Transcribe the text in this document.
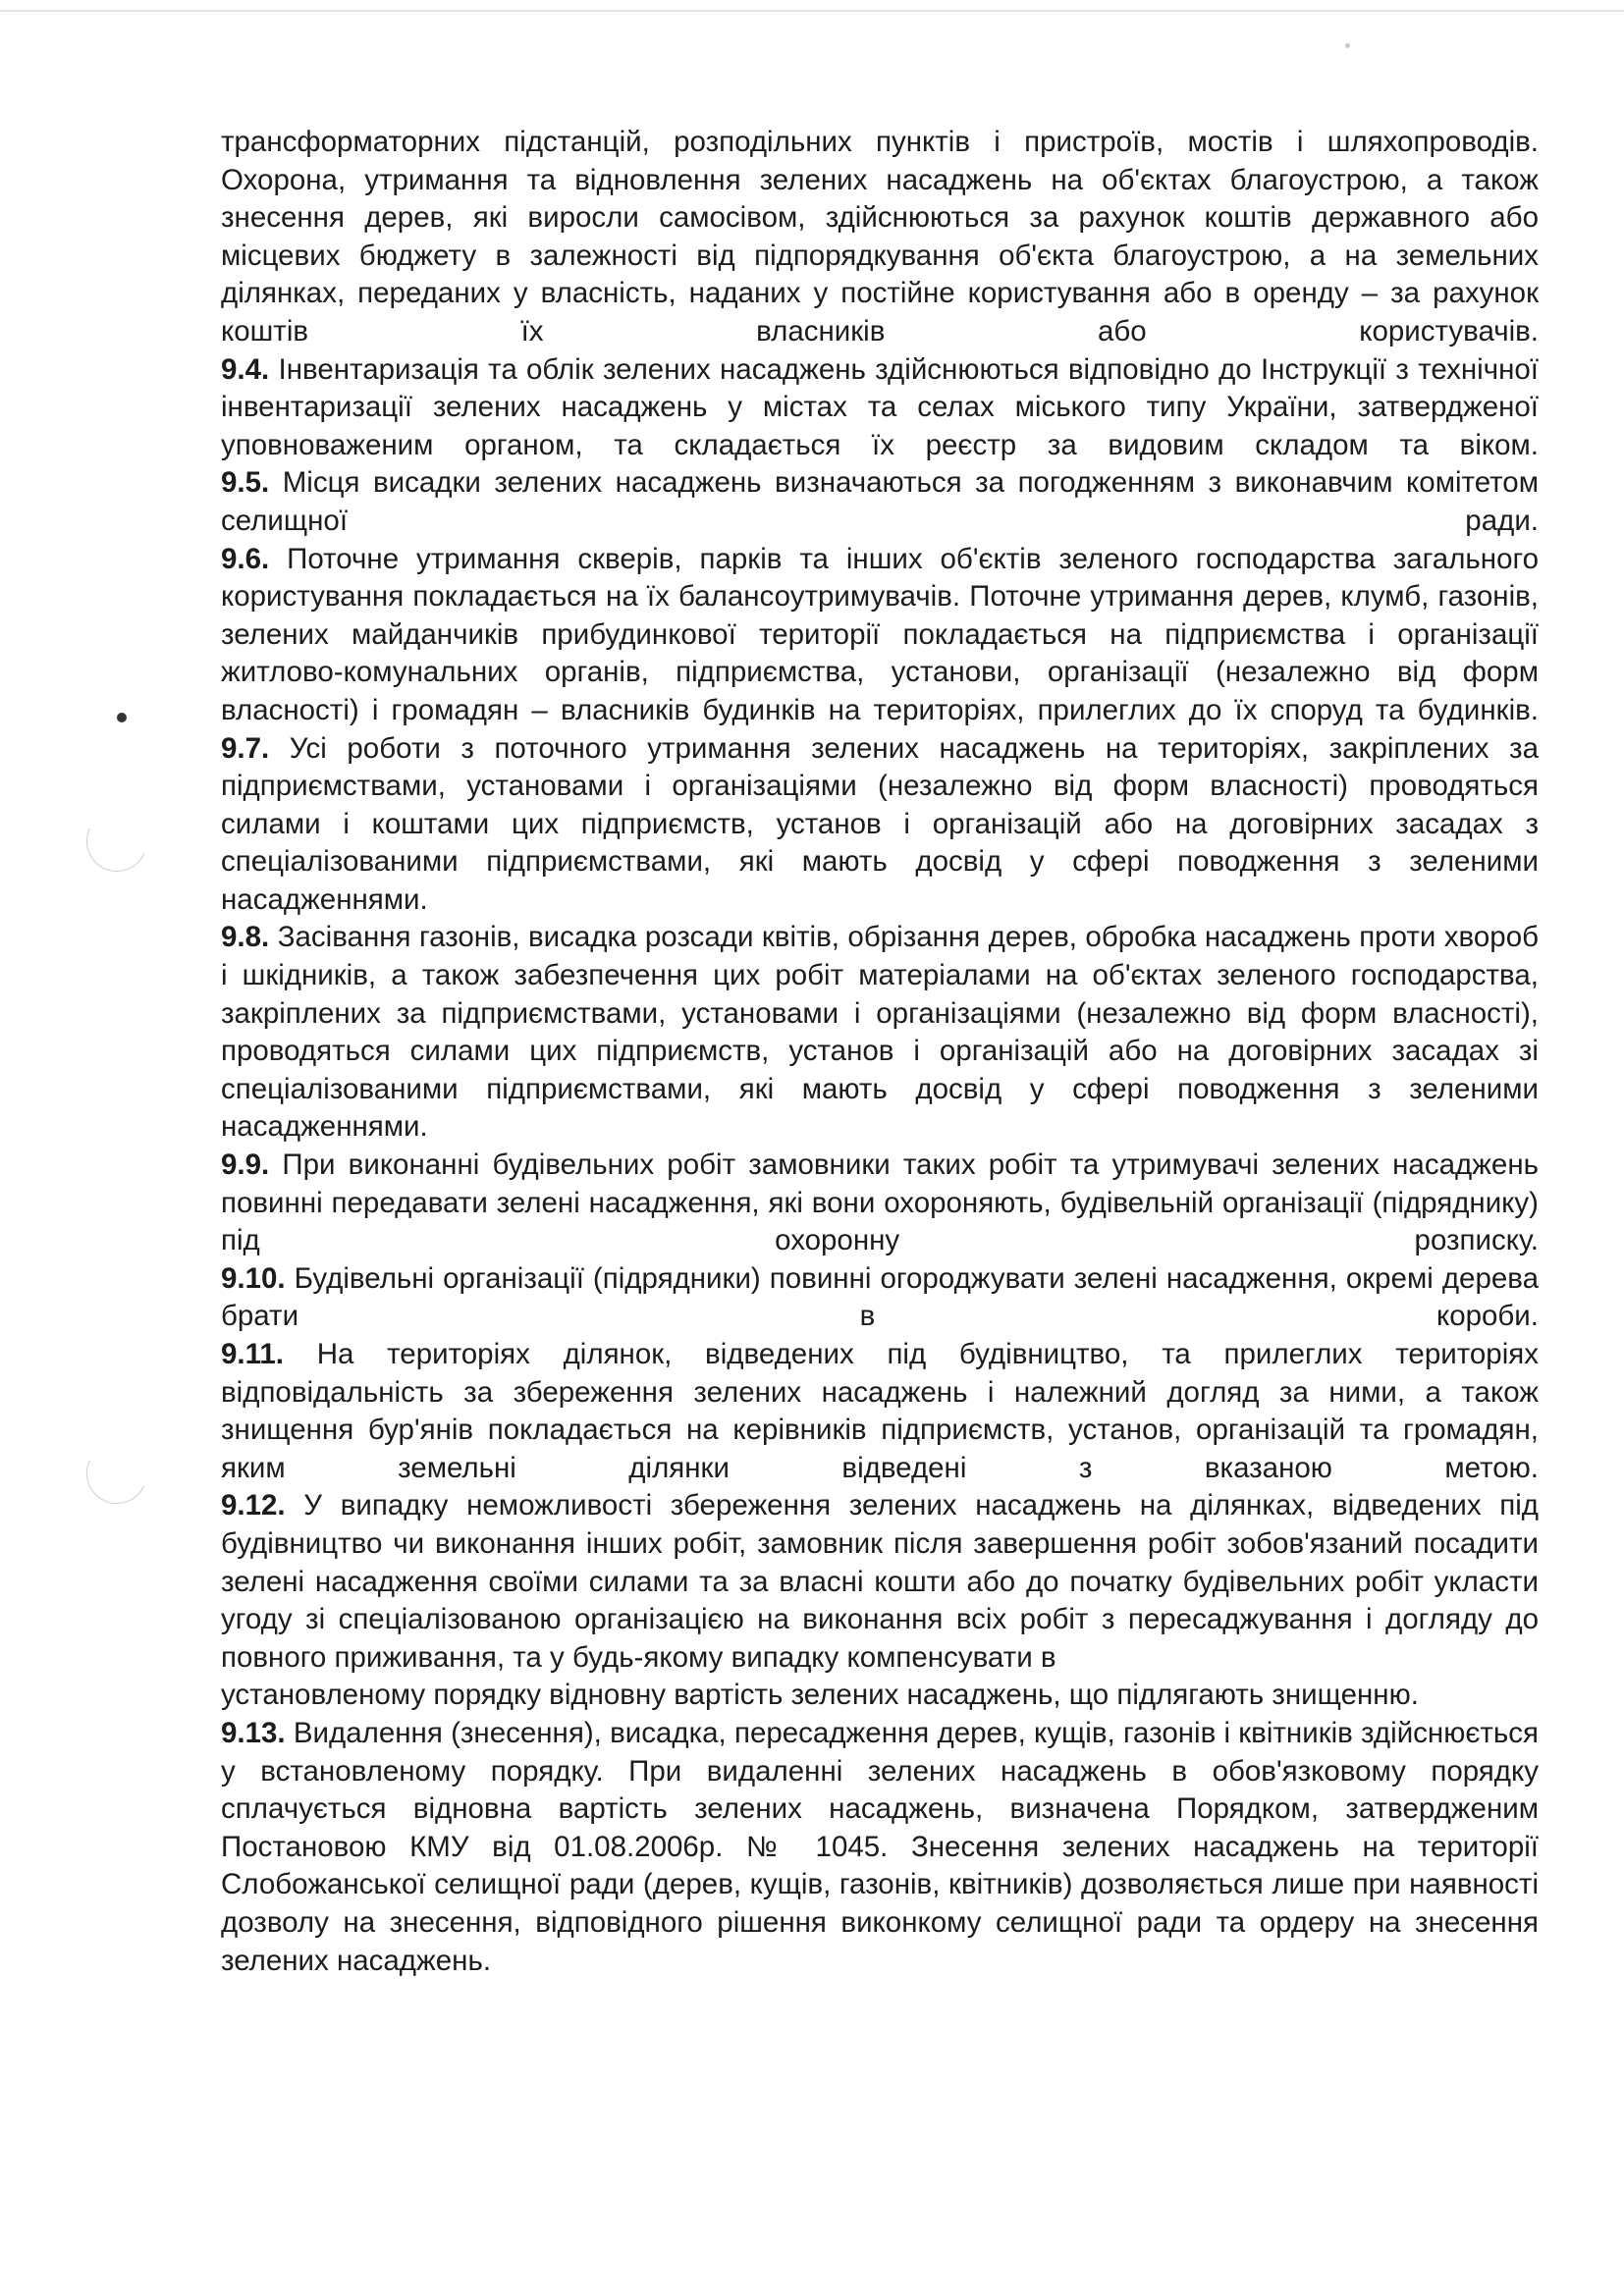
трансформаторних підстанцій, розподільних пунктів і пристроїв, мостів і шляхопроводів. Охорона, утримання та відновлення зелених насаджень на об'єктах благоустрою, а також знесення дерев, які виросли самосівом, здійснюються за рахунок коштів державного або місцевих бюджету в залежності від підпорядкування об'єкта благоустрою, а на земельних ділянках, переданих у власність, наданих у постійне користування або в оренду – за рахунок коштів їх власників або користувачів.

9.4. Інвентаризація та облік зелених насаджень здійснюються відповідно до Інструкції з технічної інвентаризації зелених насаджень у містах та селах міського типу України, затвердженої уповноваженим органом, та складається їх реєстр за видовим складом та віком.

9.5. Місця висадки зелених насаджень визначаються за погодженням з виконавчим комітетом селищної ради.

9.6. Поточне утримання скверів, парків та інших об'єктів зеленого господарства загального користування покладається на їх балансоутримувачів. Поточне утримання дерев, клумб, газонів, зелених майданчиків прибудинкової території покладається на підприємства і організації житлово-комунальних органів, підприємства, установи, організації (незалежно від форм власності) і громадян – власників будинків на територіях, прилеглих до їх споруд та будинків.

9.7. Усі роботи з поточного утримання зелених насаджень на територіях, закріплених за підприємствами, установами і організаціями (незалежно від форм власності) проводяться силами і коштами цих підприємств, установ і організацій або на договірних засадах з спеціалізованими підприємствами, які мають досвід у сфері поводження з зеленими насадженнями.

9.8. Засівання газонів, висадка розсади квітів, обрізання дерев, обробка насаджень проти хвороб і шкідників, а також забезпечення цих робіт матеріалами на об'єктах зеленого господарства, закріплених за підприємствами, установами і організаціями (незалежно від форм власності), проводяться силами цих підприємств, установ і організацій або на договірних засадах зі спеціалізованими підприємствами, які мають досвід у сфері поводження з зеленими насадженнями.

9.9. При виконанні будівельних робіт замовники таких робіт та утримувачі зелених насаджень повинні передавати зелені насадження, які вони охороняють, будівельній організації (підряднику) під охоронну розписку.

9.10. Будівельні організації (підрядники) повинні огороджувати зелені насадження, окремі дерева брати в короби.

9.11. На територіях ділянок, відведених під будівництво, та прилеглих територіях відповідальність за збереження зелених насаджень і належний догляд за ними, а також знищення бур'янів покладається на керівників підприємств, установ, організацій та громадян, яким земельні ділянки відведені з вказаною метою.

9.12. У випадку неможливості збереження зелених насаджень на ділянках, відведених під будівництво чи виконання інших робіт, замовник після завершення робіт зобов'язаний посадити зелені насадження своїми силами та за власні кошти або до початку будівельних робіт укласти угоду зі спеціалізованою організацією на виконання всіх робіт з пересаджування і догляду до повного приживання, та у будь-якому випадку компенсувати в

установленому порядку відновну вартість зелених насаджень, що підлягають знищенню.

9.13. Видалення (знесення), висадка, пересадження дерев, кущів, газонів і квітників здійснюється у встановленому порядку. При видаленні зелених насаджень в обов'язковому порядку сплачується відновна вартість зелених насаджень, визначена Порядком, затвердженим Постановою КМУ від 01.08.2006р. № 1045. Знесення зелених насаджень на території Слобожанської селищної ради (дерев, кущів, газонів, квітників) дозволяється лише при наявності дозволу на знесення, відповідного рішення виконкому селищної ради та ордеру на знесення зелених насаджень.
